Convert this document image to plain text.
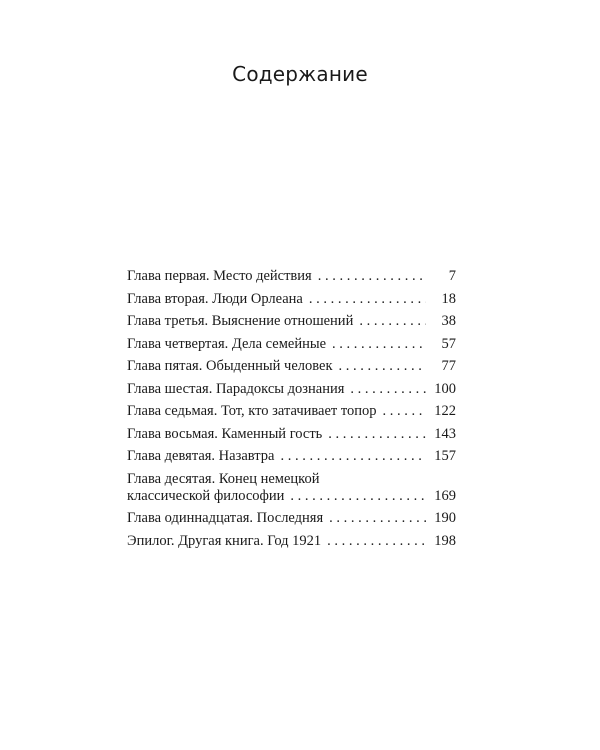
Содержание
Глава первая. Место действия . . .	7
Глава вторая. Люди Орлеана . . .	18
Глава третья. Выяснение отношений . . .	38
Глава четвертая. Дела семейные . . .	57
Глава пятая. Обыденный человек . . .	77
Глава шестая. Парадоксы дознания . . .	100
Глава седьмая. Тот, кто затачивает топор . . .	122
Глава восьмая. Каменный гость . . .	143
Глава девятая. Назавтра . . .	157
Глава десятая. Конец немецкой
классической философии . . .	169
Глава одиннадцатая. Последняя . . .	190
Эпилог. Другая книга. Год 1921 . . .	198
